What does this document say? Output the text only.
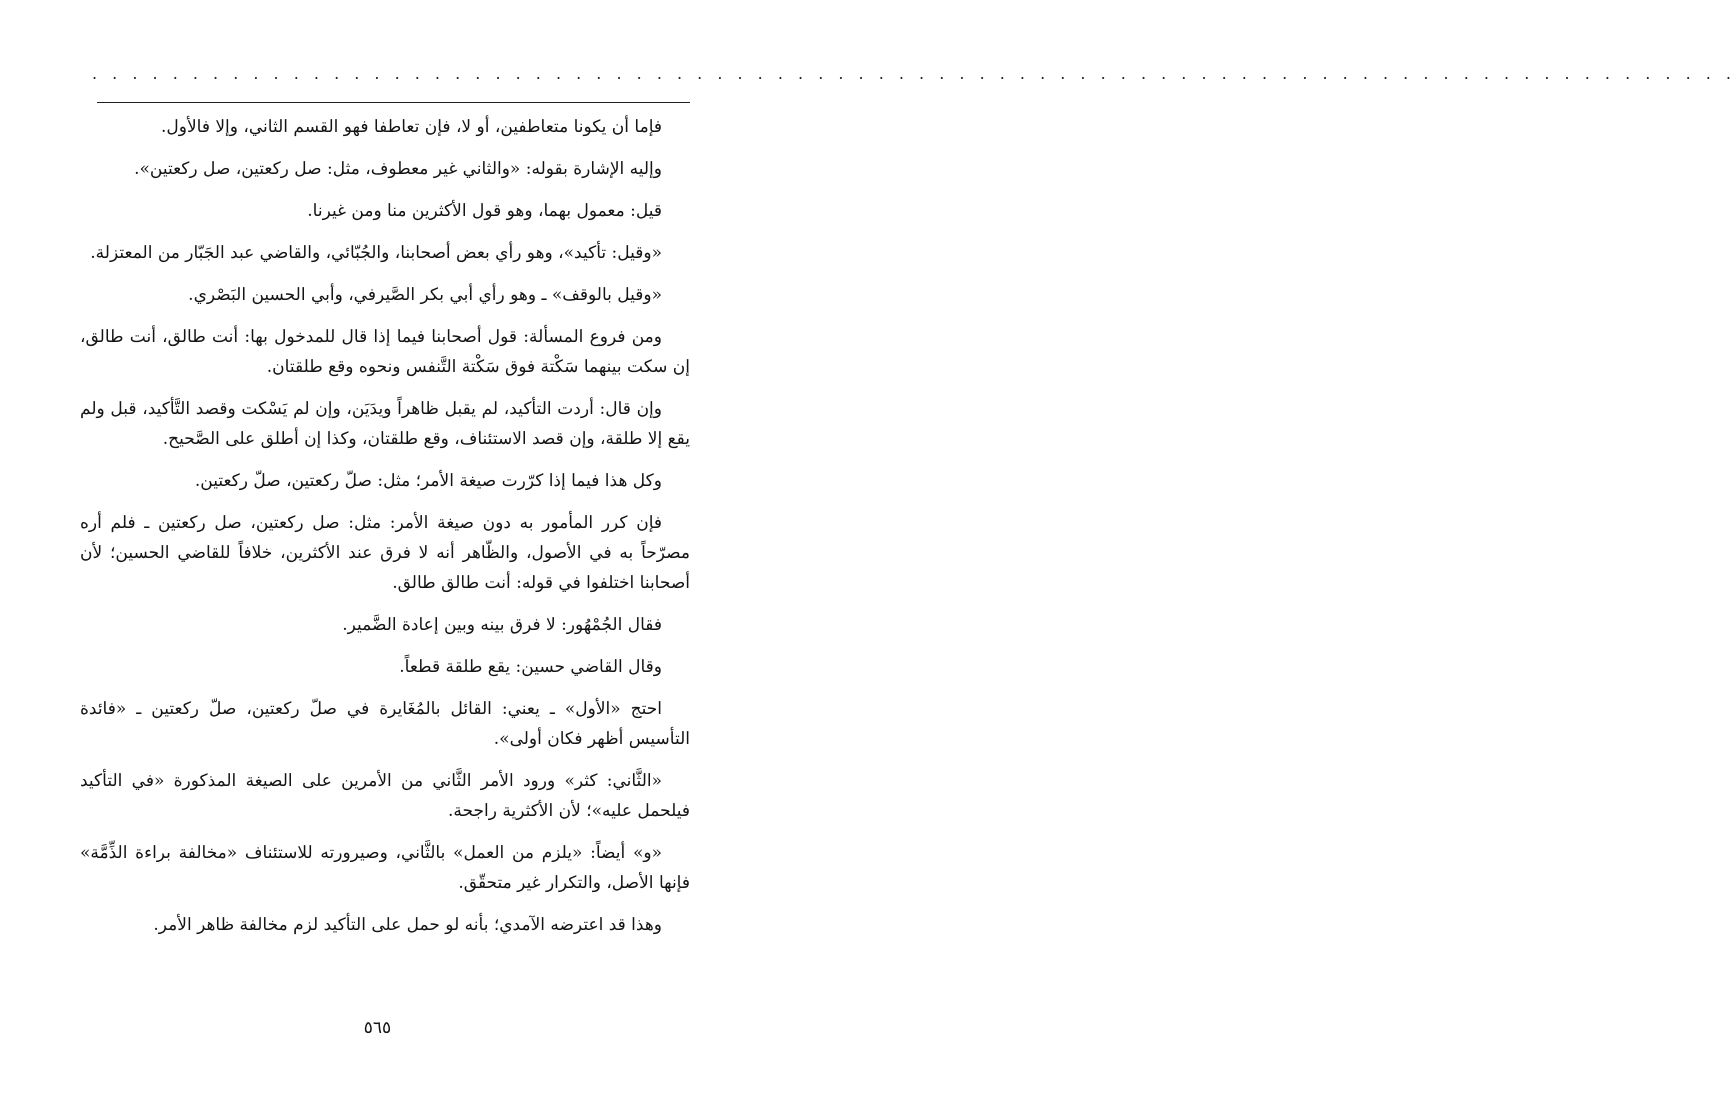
. . . . . . . . . . . . . . . . . . . . . . . . . . . . . . . . . . . . . . . . . . . . . . . . . . . . . . . . . . . . . . . . . . . . . . . . . . . . . . . . . .

فإما أن يكونا متعاطفين، أو لا، فإن تعاطفا فهو القسم الثاني، وإلا فالأول.

وإليه الإشارة بقوله: «والثاني غير معطوف، مثل: صل ركعتين، صل ركعتين».

قيل: معمول بهما، وهو قول الأكثرين منا ومن غيرنا.

«وقيل: تأكيد»، وهو رأي بعض أصحابنا، والجُبّائي، والقاضي عبد الجَبّار من المعتزلة.

«وقيل بالوقف» ـ وهو رأي أبي بكر الصَّيرفي، وأبي الحسين البَصْري.

ومن فروع المسألة: قول أصحابنا فيما إذا قال للمدخول بها: أنت طالق، أنت طالق، إن سكت بينهما سَكْتة فوق سَكْتة التَّنفس ونحوه وقع طلقتان.

وإن قال: أردت التأكيد، لم يقبل ظاهراً ويدَيَن، وإن لم يَسْكت وقصد التَّأكيد، قبل ولم يقع إلا طلقة، وإن قصد الاستئناف، وقع طلقتان، وكذا إن أطلق على الصَّحيح.

وكل هذا فيما إذا كرّرت صيغة الأمر؛ مثل: صلّ ركعتين، صلّ ركعتين.

فإن كرر المأمور به دون صيغة الأمر: مثل: صل ركعتين، صل ركعتين ـ فلم أره مصرّحاً به في الأصول، والظّاهر أنه لا فرق عند الأكثرين، خلافاً للقاضي الحسين؛ لأن أصحابنا اختلفوا في قوله: أنت طالق طالق.

فقال الجُمْهُور: لا فرق بينه وبين إعادة الضَّمير.

وقال القاضي حسين: يقع طلقة قطعاً.

احتج «الأول» ـ يعني: القائل بالمُغَايرة في صلّ ركعتين، صلّ ركعتين ـ «فائدة التأسيس أظهر فكان أولى».

«الثَّاني: كثر» ورود الأمر الثَّاني من الأمرين على الصيغة المذكورة «في التأكيد فيلحمل عليه»؛ لأن الأكثرية راجحة.

«و» أيضاً: «يلزم من العمل» بالثَّاني، وصيرورته للاستئناف «مخالفة براءة الذِّمَّة» فإنها الأصل، والتكرار غير متحقّق.

وهذا قد اعترضه الآمدي؛ بأنه لو حمل على التأكيد لزم مخالفة ظاهر الأمر.

٥٦٥
